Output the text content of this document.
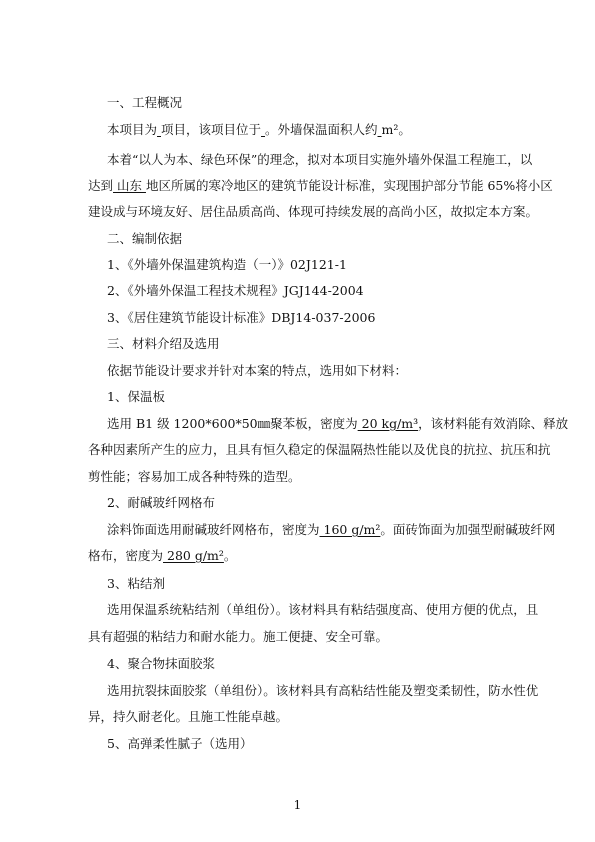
一、工程概况
本项目为 项目，该项目位于 。外墙保温面积人约 m²。
本着“以人为本、绿色环保”的理念，拟对本项目实施外墙外保温工程施工，以
达到 山东 地区所属的寒冷地区的建筑节能设计标准，实现围护部分节能 65%将小区
建设成与环境友好、居住品质高尚、体现可持续发展的高尚小区，故拟定本方案。
二、编制依据
1、《外墙外保温建筑构造（一）》02J121-1
2、《外墙外保温工程技术规程》JGJ144-2004
3、《居住建筑节能设计标准》DBJ14-037-2006
三、材料介绍及选用
依据节能设计要求并针对本案的特点，选用如下材料：
1、保温板
选用 B1 级 1200*600*50㎜聚苯板，密度为 20 kg/m³，该材料能有效消除、释放
各种因素所产生的应力，且具有恒久稳定的保温隔热性能以及优良的抗拉、抗压和抗
剪性能；容易加工成各种特殊的造型。
2、耐碱玻纤网格布
涂料饰面选用耐碱玻纤网格布，密度为 160 g/m²。面砖饰面为加强型耐碱玻纤网
格布，密度为 280 g/m²。
3、粘结剂
选用保温系统粘结剂（单组份）。该材料具有粘结强度高、使用方便的优点，且
具有超强的粘结力和耐水能力。施工便捷、安全可靠。
4、聚合物抹面胶浆
选用抗裂抹面胶浆（单组份）。该材料具有高粘结性能及塑变柔韧性，防水性优
异，持久耐老化。且施工性能卓越。
5、高弹柔性腻子（选用）
1
